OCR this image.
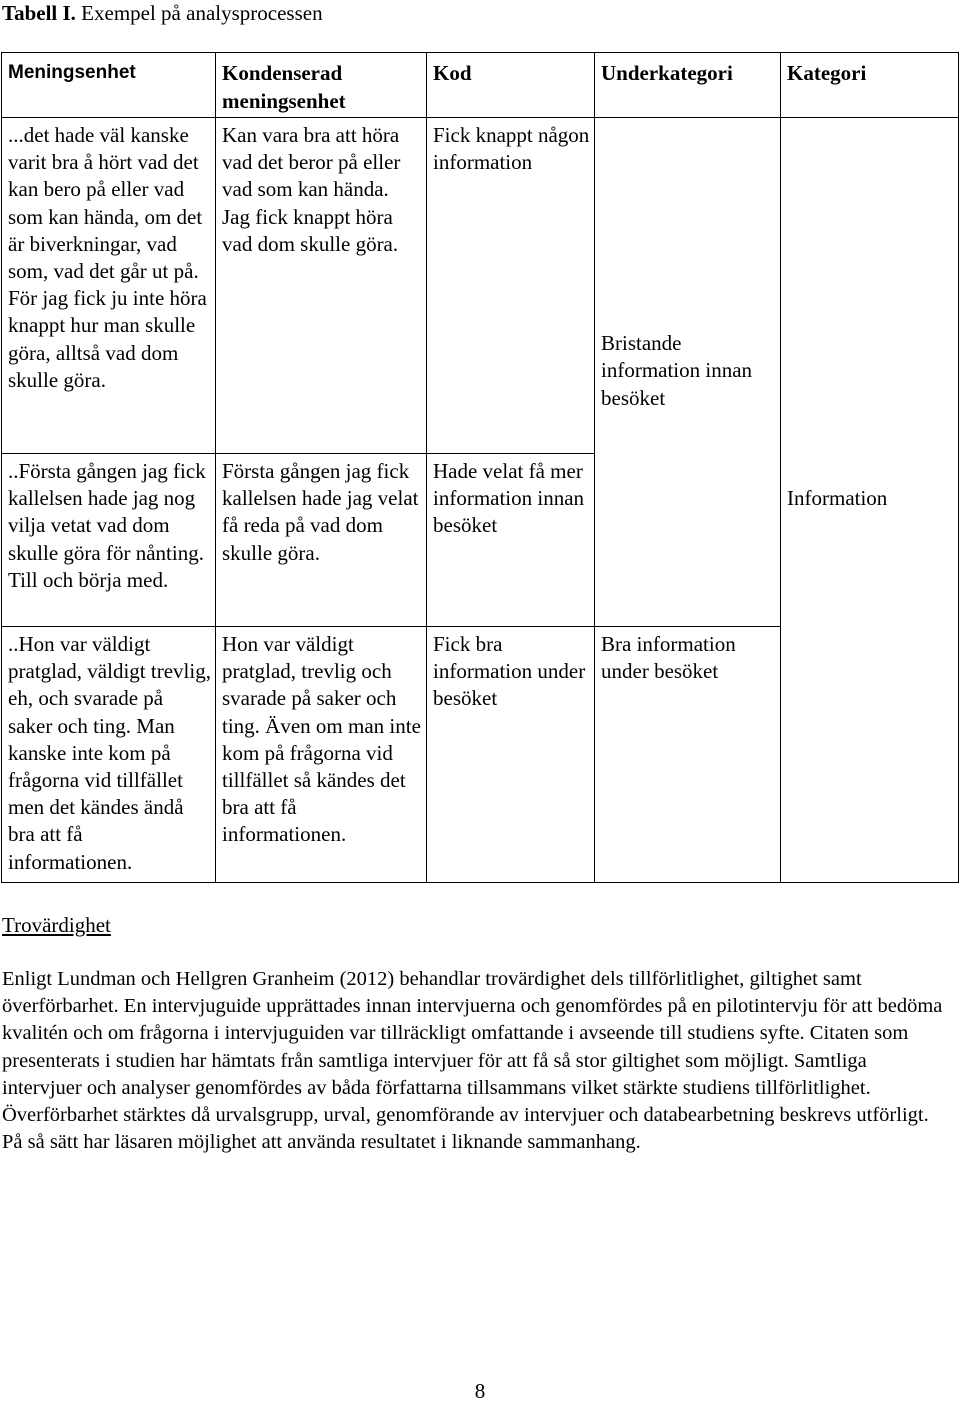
Tabell I. Exempel på analysprocessen
Meningsenhet	Kondenserad meningsenhet	Kod	Underkategori	Kategori
...det hade väl kanske varit bra å hört vad det kan bero på eller vad som kan hända, om det är biverkningar, vad som, vad det går ut på. För jag fick ju inte höra knappt hur man skulle göra, alltså vad dom skulle göra.	Kan vara bra att höra vad det beror på eller vad som kan hända. Jag fick knappt höra vad dom skulle göra.	Fick knappt någon information	Bristande information innan besöket	Information
..Första gången jag fick kallelsen hade jag nog vilja vetat vad dom skulle göra för nånting. Till och börja med.	Första gången jag fick kallelsen hade jag velat få reda på vad dom skulle göra.	Hade velat få mer information innan besöket		
..Hon var väldigt pratglad, väldigt trevlig, eh, och svarade på saker och ting. Man kanske inte kom på frågorna vid tillfället men det kändes ändå bra att få informationen.	Hon var väldigt pratglad, trevlig och svarade på saker och ting. Även om man inte kom på frågorna vid tillfället så kändes det bra att få informationen.	Fick bra information under besöket	Bra information under besöket	
Trovärdighet
Enligt Lundman och Hellgren Granheim (2012) behandlar trovärdighet dels tillförlitlighet, giltighet samt överförbarhet. En intervjuguide upprättades innan intervjuerna och genomfördes på en pilotintervju för att bedöma kvalitén och om frågorna i intervjuguiden var tillräckligt omfattande i avseende till studiens syfte. Citaten som presenterats i studien har hämtats från samtliga intervjuer för att få så stor giltighet som möjligt. Samtliga intervjuer och analyser genomfördes av båda författarna tillsammans vilket stärkte studiens tillförlitlighet. Överförbarhet stärktes då urvalsgrupp, urval, genomförande av intervjuer och databearbetning beskrevs utförligt. På så sätt har läsaren möjlighet att använda resultatet i liknande sammanhang.
8
